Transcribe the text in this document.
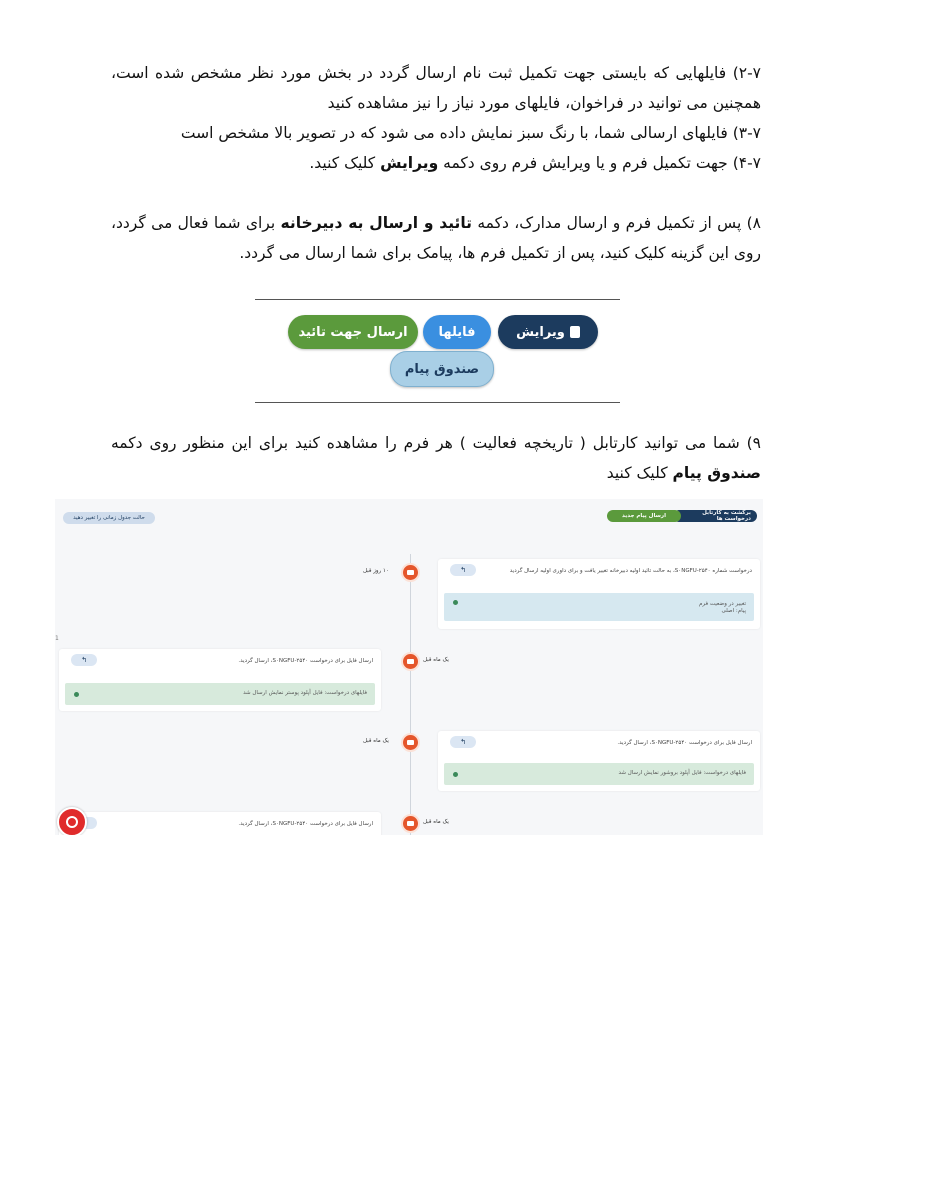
۲-۷) فایلهایی که بایستی جهت تکمیل ثبت نام ارسال گردد در بخش مورد نظر مشخص شده است، همچنین می توانید در فراخوان، فایلهای مورد نیاز را نیز مشاهده کنید
۳-۷) فایلهای ارسالی شما، با رنگ سبز نمایش داده می شود که در تصویر بالا مشخص است
۴-۷) جهت تکمیل فرم و یا ویرایش فرم روی دکمه ویرایش کلیک کنید.
۸) پس از تکمیل فرم و ارسال مدارک، دکمه تائید و ارسال به دبیرخانه برای شما فعال می گردد، روی این گزینه کلیک کنید، پس از تکمیل فرم ها، پیامک برای شما ارسال می گردد.
ویرایش
فایلها
ارسال جهت تائید
صندوق پیام
۹) شما می توانید کارتابل ( تاریخچه فعالیت ) هر فرم را مشاهده کنید برای این منظور روی دکمه صندوق پیام کلیک کنید
برگشت به کارتابل درخواست ها
ارسال پیام جدید
حالت جدول زمانی را تغییر دهید
1
۱۰ روز قبل	درخواست شماره S۰NGFU-۲۵۴۰، به حالت تائید اولیه دبیرخانه تغییر یافت و برای داوری اولیه ارسال گردید
↰
تغییر در وضعیت فرم
پیام: اصلی
یک ماه قبل
ارسال فایل برای درخواست S۰NGFU-۲۵۴۰، ارسال گردید.
↰
فایلهای درخواست: فایل آپلود پوستر نمایش ارسال شد
یک ماه قبل	ارسال فایل برای درخواست S۰NGFU-۲۵۴۰، ارسال گردید.
↰
فایلهای درخواست: فایل آپلود بروشور نمایش ارسال شد
یک ماه قبل
ارسال فایل برای درخواست S۰NGFU-۲۵۴۰، ارسال گردید.
